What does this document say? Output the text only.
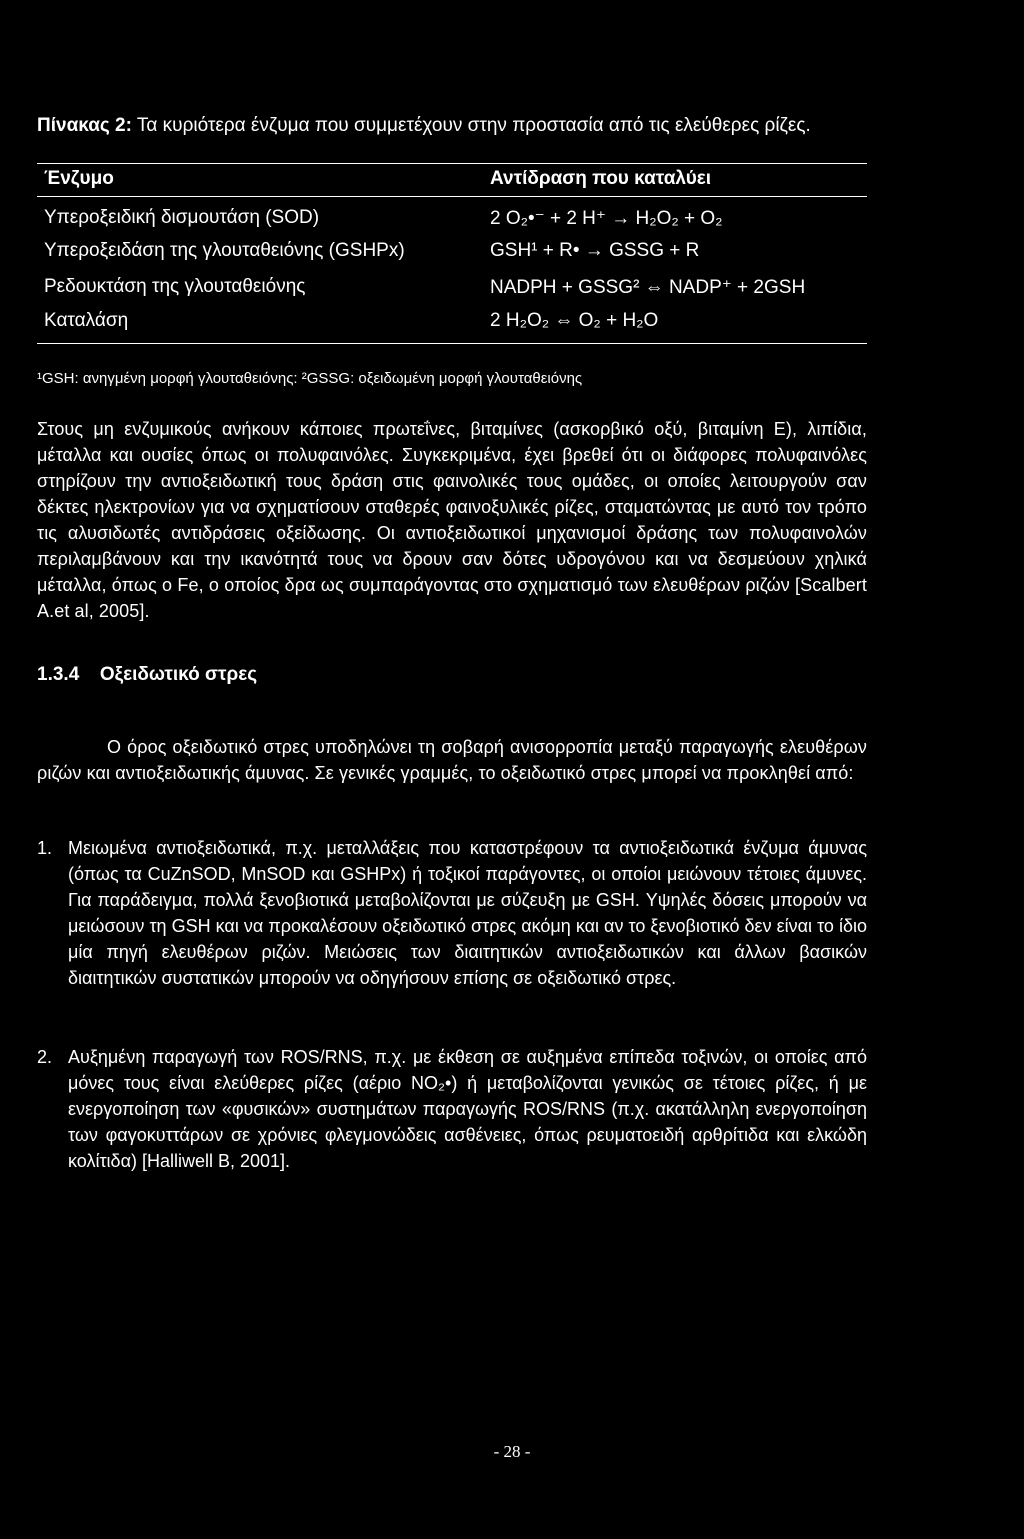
Πίνακας 2: Τα κυριότερα ένζυμα που συμμετέχουν στην προστασία από τις ελεύθερες ρίζες.
Ένζυμο	Αντίδραση που καταλύει
Υπεροξειδική δισμουτάση (SOD)	2 O₂•⁻ + 2 H⁺ → H₂O₂ + O₂
Υπεροξειδάση της γλουταθειόνης (GSHPx)	GSH¹ + R• → GSSG + R
Ρεδουκτάση της γλουταθειόνης	NADPH + GSSG² ⇔ NADP⁺ + 2GSH
Καταλάση	2 H₂O₂ ⇔ O₂ + H₂O
¹GSH: ανηγμένη μορφή γλουταθειόνης: ²GSSG: οξειδωμένη μορφή γλουταθειόνης
Στους μη ενζυμικούς ανήκουν κάποιες πρωτεΐνες, βιταμίνες (ασκορβικό οξύ, βιταμίνη Ε), λιπίδια, μέταλλα και ουσίες όπως οι πολυφαινόλες. Συγκεκριμένα, έχει βρεθεί ότι οι διάφορες πολυφαινόλες στηρίζουν την αντιοξειδωτική τους δράση στις φαινολικές τους ομάδες, οι οποίες λειτουργούν σαν δέκτες ηλεκτρονίων για να σχηματίσουν σταθερές φαινοξυλικές ρίζες, σταματώντας με αυτό τον τρόπο τις αλυσιδωτές αντιδράσεις οξείδωσης. Οι αντιοξειδωτικοί μηχανισμοί δράσης των πολυφαινολών περιλαμβάνουν και την ικανότητά τους να δρουν σαν δότες υδρογόνου και να δεσμεύουν χηλικά μέταλλα, όπως ο Fe, ο οποίος δρα ως συμπαράγοντας στο σχηματισμό των ελευθέρων ριζών [Scalbert A.et al, 2005].
1.3.4 Οξειδωτικό στρες
Ο όρος οξειδωτικό στρες υποδηλώνει τη σοβαρή ανισορροπία μεταξύ παραγωγής ελευθέρων ριζών και αντιοξειδωτικής άμυνας. Σε γενικές γραμμές, το οξειδωτικό στρες μπορεί να προκληθεί από:
1. Μειωμένα αντιοξειδωτικά, π.χ. μεταλλάξεις που καταστρέφουν τα αντιοξειδωτικά ένζυμα άμυνας (όπως τα CuZnSOD, MnSOD και GSHPx) ή τοξικοί παράγοντες, οι οποίοι μειώνουν τέτοιες άμυνες. Για παράδειγμα, πολλά ξενοβιοτικά μεταβολίζονται με σύζευξη με GSH. Υψηλές δόσεις μπορούν να μειώσουν τη GSH και να προκαλέσουν οξειδωτικό στρες ακόμη και αν το ξενοβιοτικό δεν είναι το ίδιο μία πηγή ελευθέρων ριζών. Μειώσεις των διαιτητικών αντιοξειδωτικών και άλλων βασικών διαιτητικών συστατικών μπορούν να οδηγήσουν επίσης σε οξειδωτικό στρες.
2. Αυξημένη παραγωγή των ROS/RNS, π.χ. με έκθεση σε αυξημένα επίπεδα τοξινών, οι οποίες από μόνες τους είναι ελεύθερες ρίζες (αέριο NO₂•) ή μεταβολίζονται γενικώς σε τέτοιες ρίζες, ή με ενεργοποίηση των «φυσικών» συστημάτων παραγωγής ROS/RNS (π.χ. ακατάλληλη ενεργοποίηση των φαγοκυττάρων σε χρόνιες φλεγμονώδεις ασθένειες, όπως ρευματοειδή αρθρίτιδα και ελκώδη κολίτιδα) [Halliwell B, 2001].
- 28 -
